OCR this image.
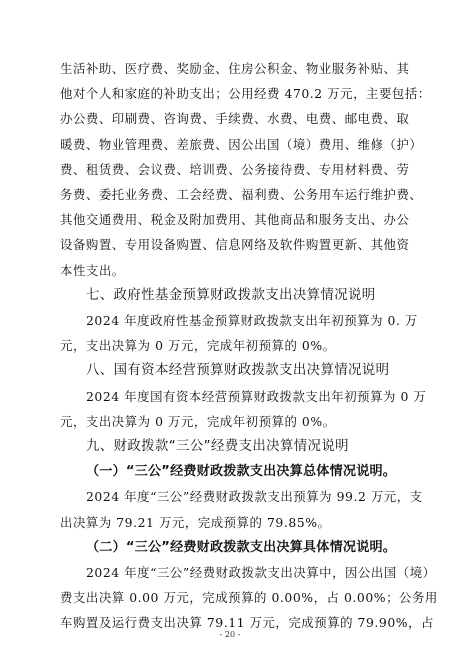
生活补助、医疗费、奖励金、住房公积金、物业服务补贴、其
他对个人和家庭的补助支出；公用经费 470.2 万元，主要包括：
办公费、印刷费、咨询费、手续费、水费、电费、邮电费、取
暖费、物业管理费、差旅费、因公出国（境）费用、维修（护）
费、租赁费、会议费、培训费、公务接待费、专用材料费、劳
务费、委托业务费、工会经费、福利费、公务用车运行维护费、
其他交通费用、税金及附加费用、其他商品和服务支出、办公
设备购置、专用设备购置、信息网络及软件购置更新、其他资
本性支出。
七、政府性基金预算财政拨款支出决算情况说明
2024 年度政府性基金预算财政拨款支出年初预算为 0. 万
元，支出决算为 0 万元，完成年初预算的 0%。
八、国有资本经营预算财政拨款支出决算情况说明
2024 年度国有资本经营预算财政拨款支出年初预算为 0 万
元，支出决算为 0 万元，完成年初预算的 0%。
九、财政拨款“三公”经费支出决算情况说明
（一）“三公”经费财政拨款支出决算总体情况说明。
2024 年度“三公”经费财政拨款支出预算为 99.2 万元，支
出决算为 79.21 万元，完成预算的 79.85%。
（二）“三公”经费财政拨款支出决算具体情况说明。
2024 年度“三公”经费财政拨款支出决算中，因公出国（境）
费支出决算 0.00 万元，完成预算的 0.00%，占 0.00%；公务用
车购置及运行费支出决算 79.11 万元，完成预算的 79.90%，占
- 20 -
